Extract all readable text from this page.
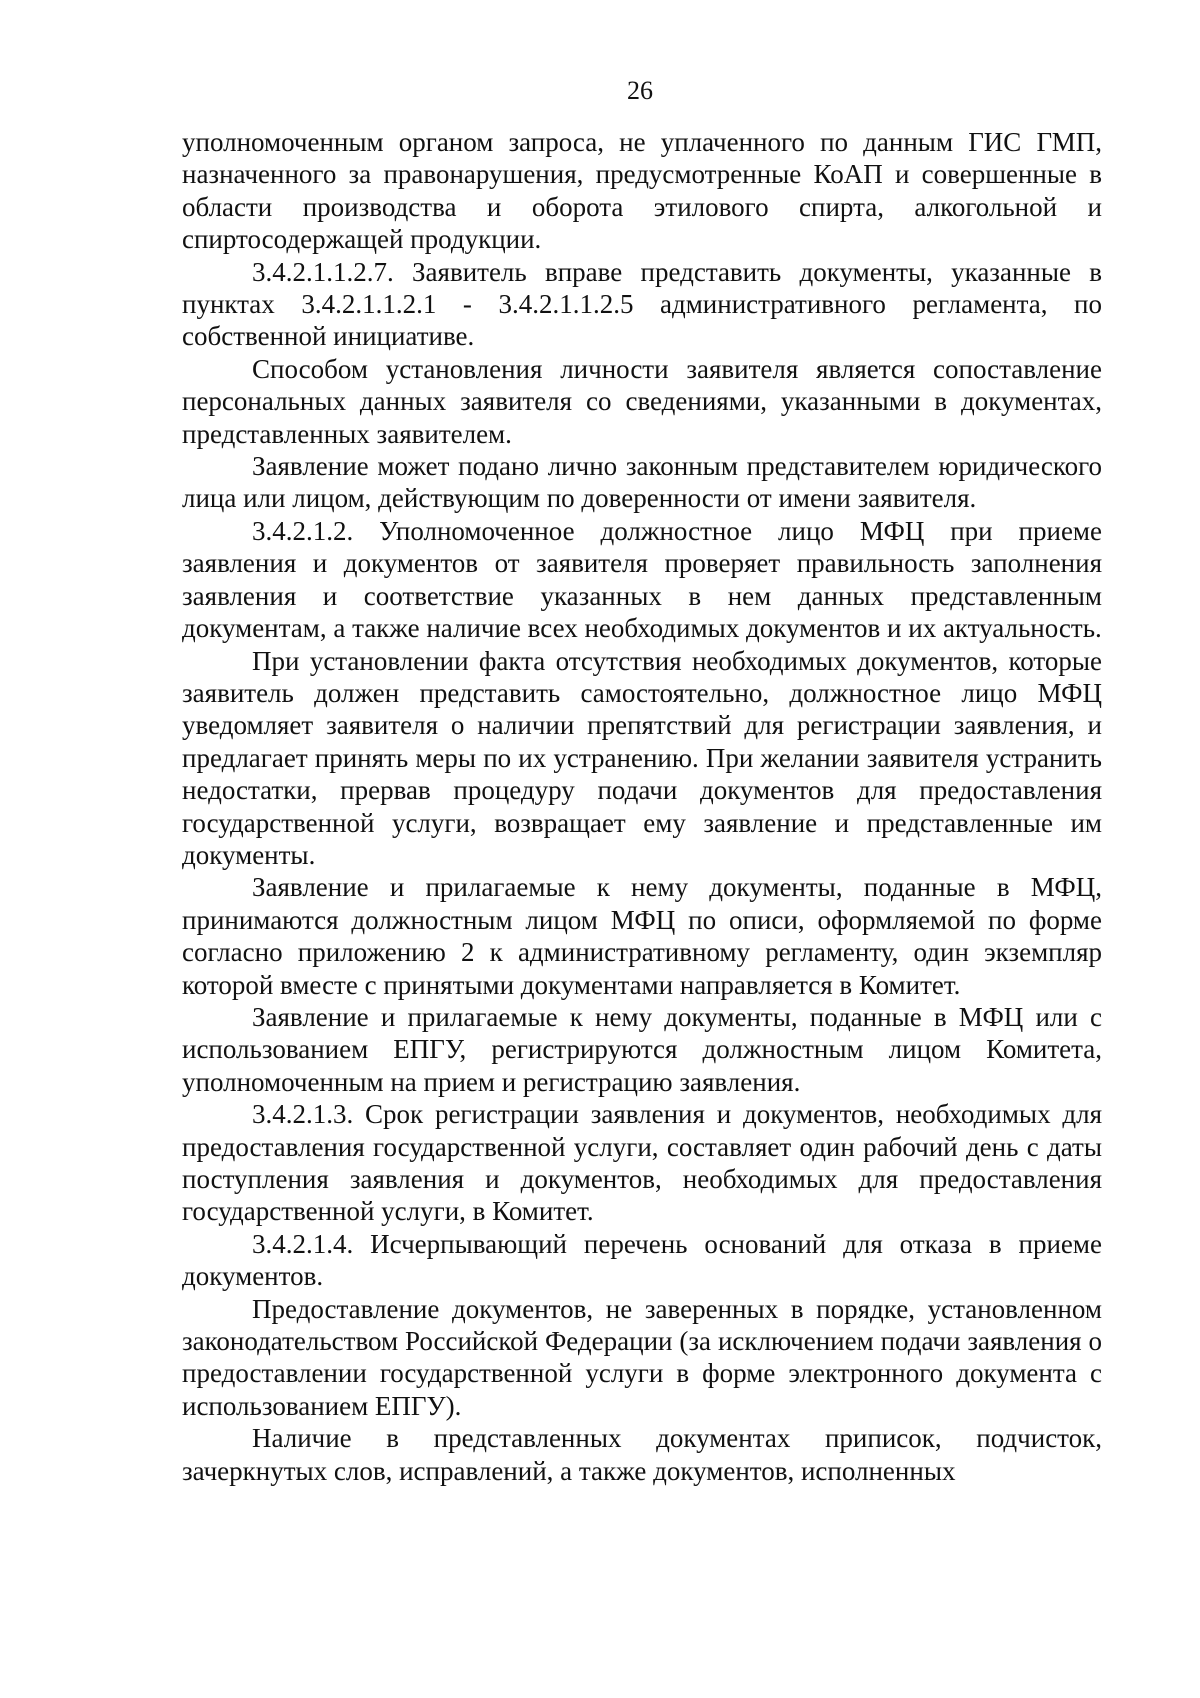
26

уполномоченным органом запроса, не уплаченного по данным ГИС ГМП, назначенного за правонарушения, предусмотренные КоАП и совершенные в области производства и оборота этилового спирта, алкогольной и спиртосодержащей продукции.

3.4.2.1.1.2.7. Заявитель вправе представить документы, указанные в пунктах 3.4.2.1.1.2.1 - 3.4.2.1.1.2.5 административного регламента, по собственной инициативе.

Способом установления личности заявителя является сопоставление персональных данных заявителя со сведениями, указанными в документах, представленных заявителем.

Заявление может подано лично законным представителем юридического лица или лицом, действующим по доверенности от имени заявителя.

3.4.2.1.2. Уполномоченное должностное лицо МФЦ при приеме заявления и документов от заявителя проверяет правильность заполнения заявления и соответствие указанных в нем данных представленным документам, а также наличие всех необходимых документов и их актуальность.

При установлении факта отсутствия необходимых документов, которые заявитель должен представить самостоятельно, должностное лицо МФЦ уведомляет заявителя о наличии препятствий для регистрации заявления, и предлагает принять меры по их устранению. При желании заявителя устранить недостатки, прервав процедуру подачи документов для предоставления государственной услуги, возвращает ему заявление и представленные им документы.

Заявление и прилагаемые к нему документы, поданные в МФЦ, принимаются должностным лицом МФЦ по описи, оформляемой по форме согласно приложению 2 к административному регламенту, один экземпляр которой вместе с принятыми документами направляется в Комитет.

Заявление и прилагаемые к нему документы, поданные в МФЦ или с использованием ЕПГУ, регистрируются должностным лицом Комитета, уполномоченным на прием и регистрацию заявления.

3.4.2.1.3. Срок регистрации заявления и документов, необходимых для предоставления государственной услуги, составляет один рабочий день с даты поступления заявления и документов, необходимых для предоставления государственной услуги, в Комитет.

3.4.2.1.4. Исчерпывающий перечень оснований для отказа в приеме документов.

Предоставление документов, не заверенных в порядке, установленном законодательством Российской Федерации (за исключением подачи заявления о предоставлении государственной услуги в форме электронного документа с использованием ЕПГУ).

Наличие в представленных документах приписок, подчисток, зачеркнутых слов, исправлений, а также документов, исполненных
